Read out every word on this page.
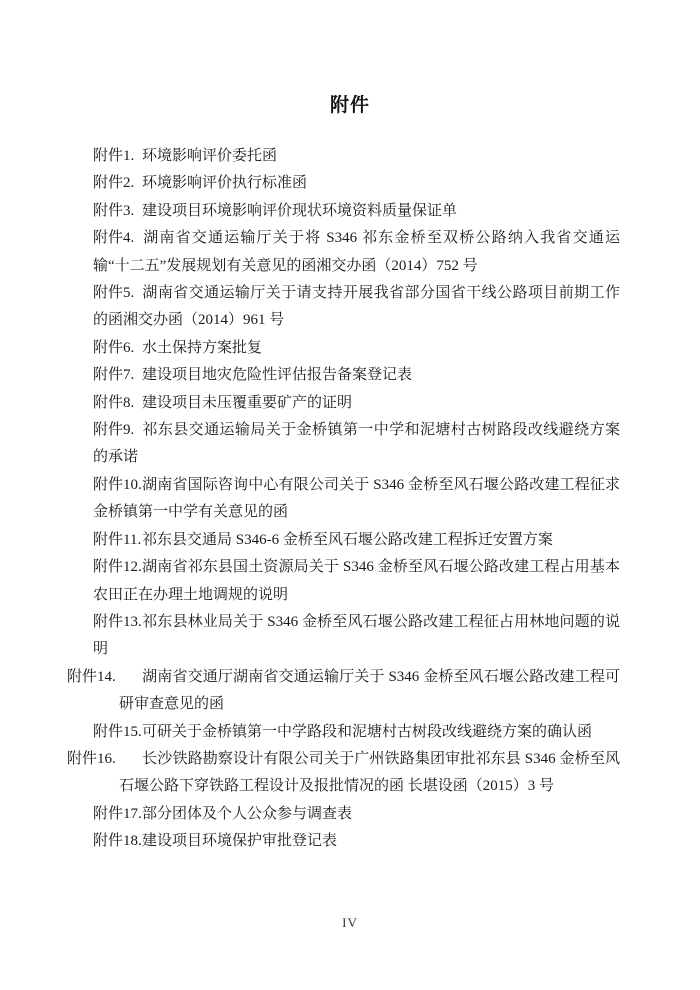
附件

附件1. 环境影响评价委托函

附件2. 环境影响评价执行标准函

附件3. 建设项目环境影响评价现状环境资料质量保证单

附件4. 湖南省交通运输厅关于将 S346 祁东金桥至双桥公路纳入我省交通运输“十二五”发展规划有关意见的函湘交办函（2014）752 号

附件5. 湖南省交通运输厅关于请支持开展我省部分国省干线公路项目前期工作的函湘交办函（2014）961 号

附件6. 水土保持方案批复

附件7. 建设项目地灾危险性评估报告备案登记表

附件8. 建设项目未压覆重要矿产的证明

附件9. 祁东县交通运输局关于金桥镇第一中学和泥塘村古树路段改线避绕方案的承诺

附件10.湖南省国际咨询中心有限公司关于 S346 金桥至风石堰公路改建工程征求金桥镇第一中学有关意见的函

附件11.祁东县交通局 S346-6 金桥至风石堰公路改建工程拆迁安置方案

附件12.湖南省祁东县国土资源局关于 S346 金桥至风石堰公路改建工程占用基本农田正在办理土地调规的说明

附件13.祁东县林业局关于 S346 金桥至风石堰公路改建工程征占用林地问题的说明

附件14. 湖南省交通厅湖南省交通运输厅关于 S346 金桥至风石堰公路改建工程可研审查意见的函

附件15.可研关于金桥镇第一中学路段和泥塘村古树段改线避绕方案的确认函

附件16. 长沙铁路勘察设计有限公司关于广州铁路集团审批祁东县 S346 金桥至风石堰公路下穿铁路工程设计及报批情况的函 长堪设函（2015）3 号

附件17.部分团体及个人公众参与调查表

附件18.建设项目环境保护审批登记表

IV
